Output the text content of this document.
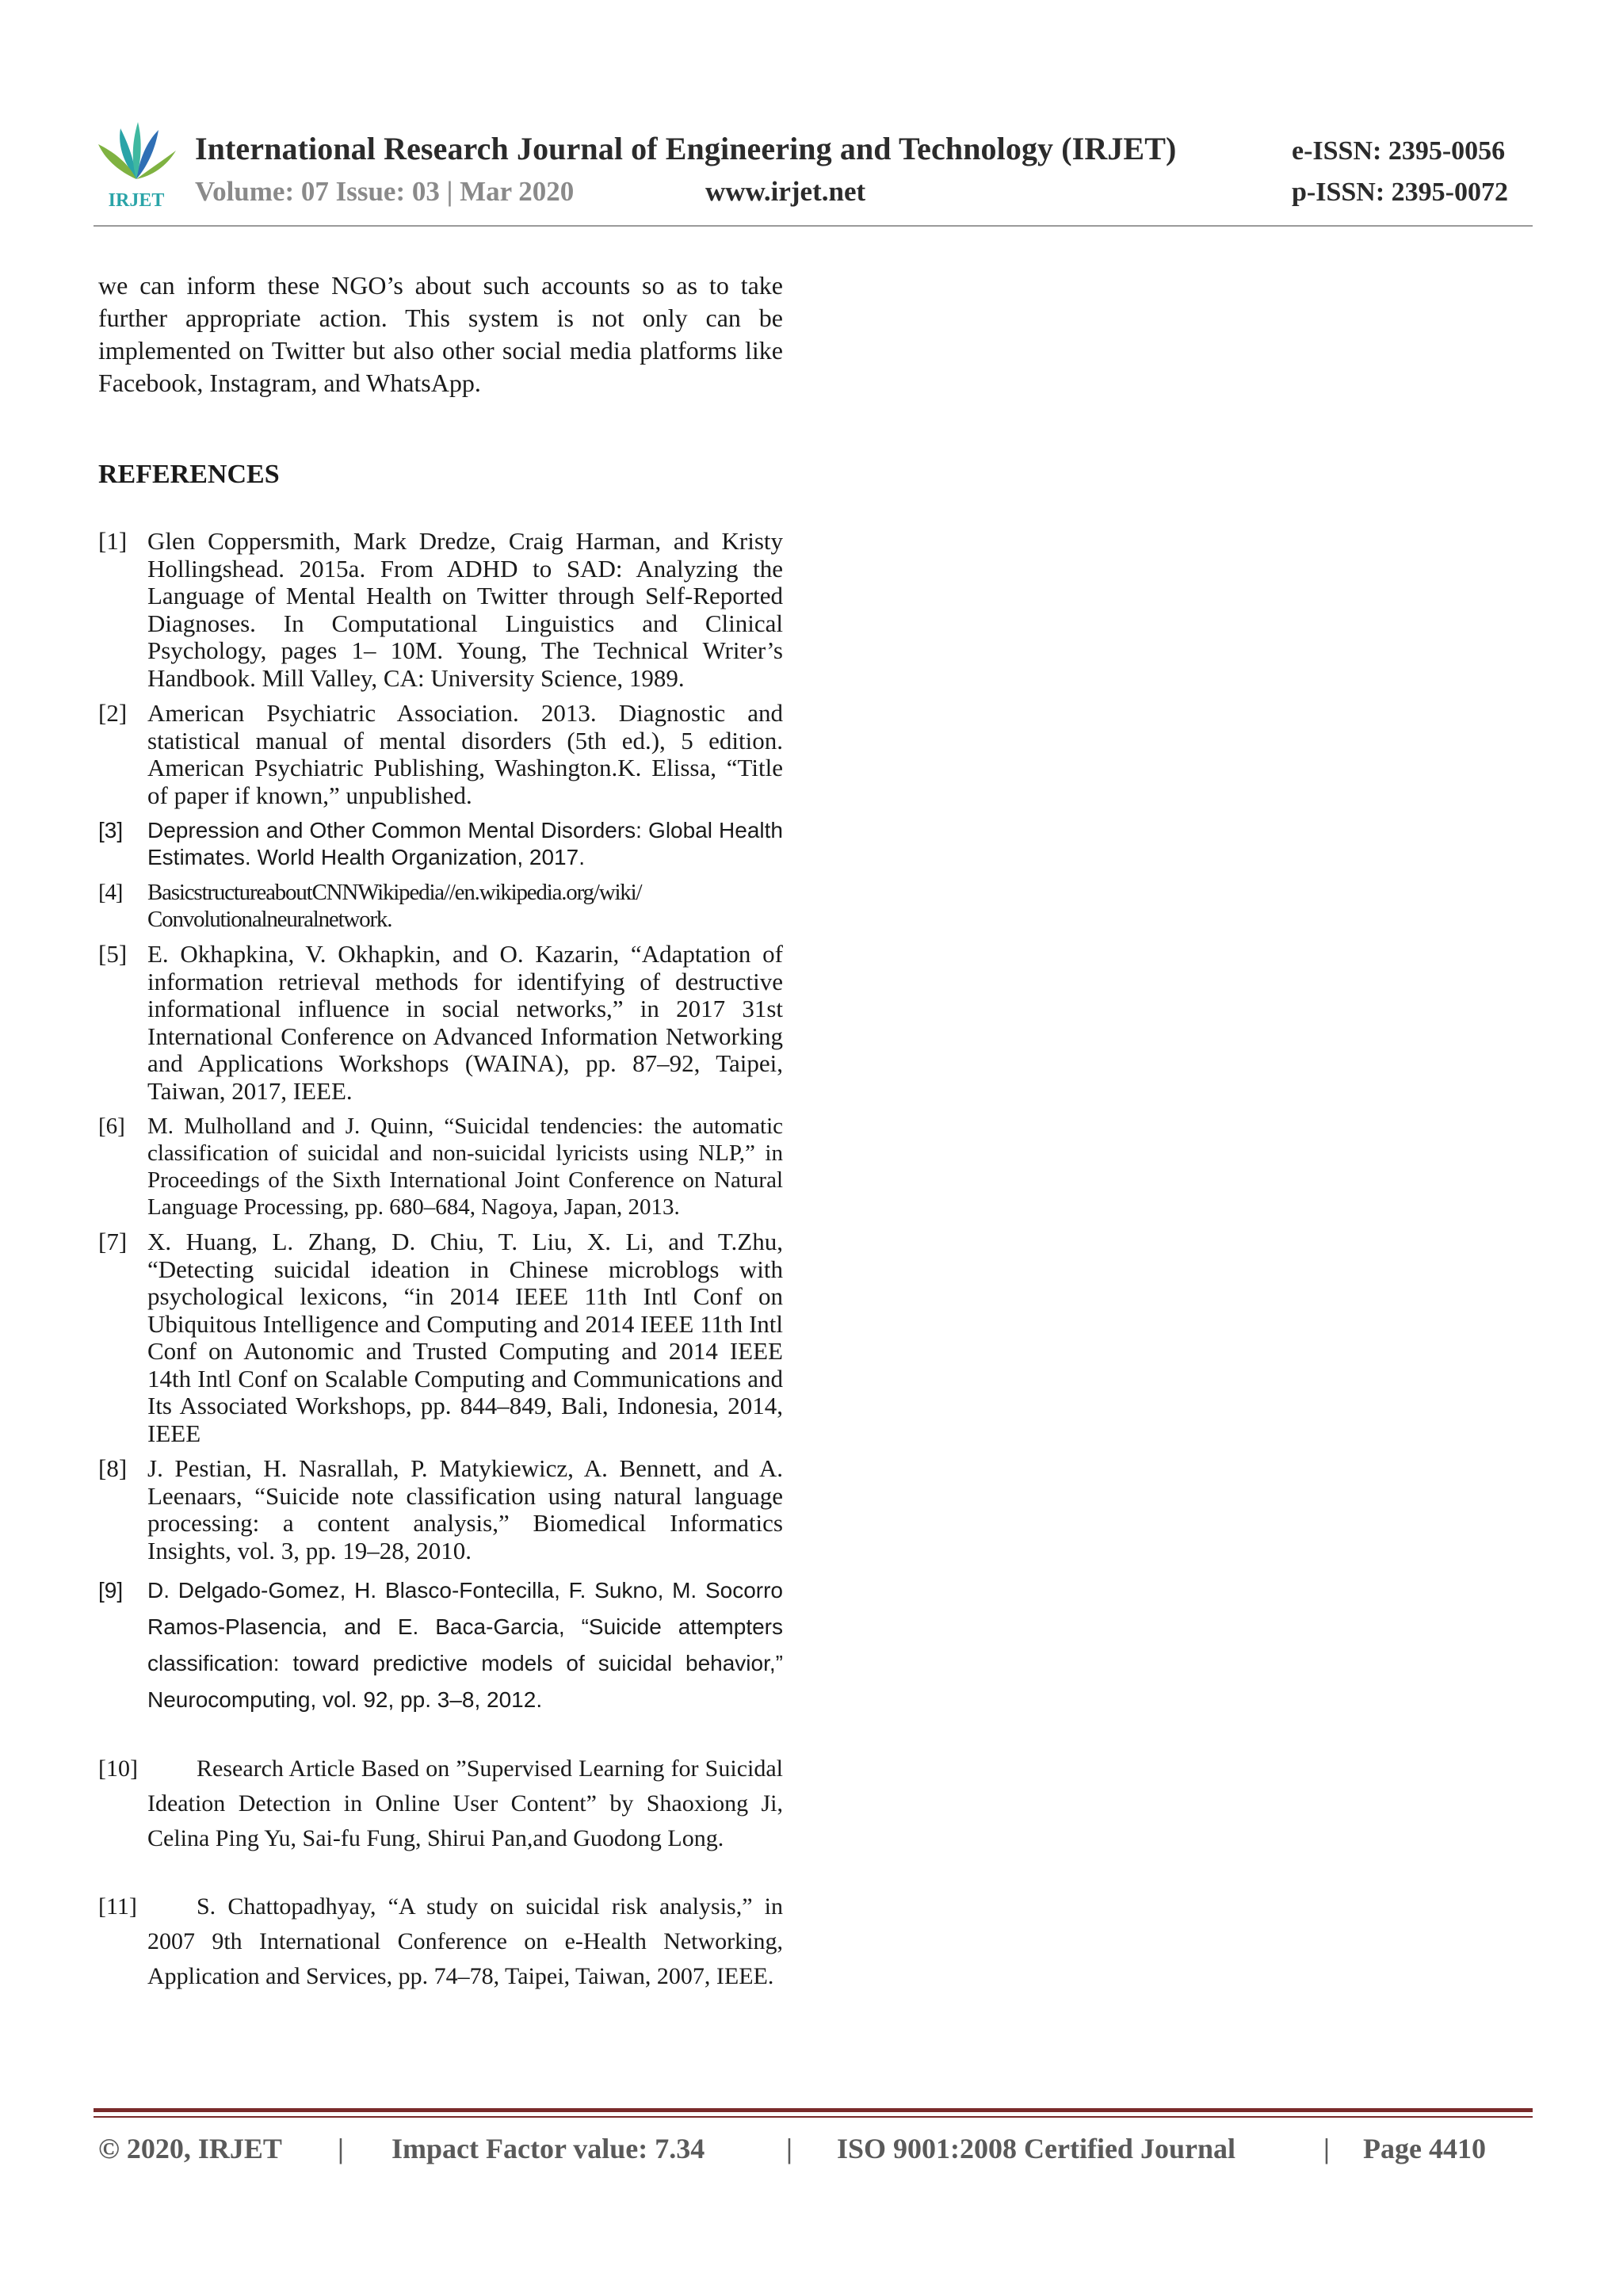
IRJET
International Research Journal of Engineering and Technology (IRJET)
Volume: 07 Issue: 03 | Mar 2020	www.irjet.net
e-ISSN: 2395-0056
p-ISSN: 2395-0072

we can inform these NGO’s about such accounts so as to take further appropriate action. This system is not only can be implemented on Twitter but also other social media platforms like Facebook, Instagram, and WhatsApp.

REFERENCES
[1] Glen Coppersmith, Mark Dredze, Craig Harman, and Kristy Hollingshead. 2015a. From ADHD to SAD: Analyzing the Language of Mental Health on Twitter through Self-Reported Diagnoses. In Computational Linguistics and Clinical Psychology, pages 1– 10M. Young, The Technical Writer’s Handbook. Mill Valley, CA: University Science, 1989.
[2] American Psychiatric Association. 2013. Diagnostic and statistical manual of mental disorders (5th ed.), 5 edition. American Psychiatric Publishing, Washington.K. Elissa, “Title of paper if known,” unpublished.
[3] Depression and Other Common Mental Disorders: Global Health Estimates. World Health Organization, 2017.
[4] BasicstructureaboutCNNWikipedia//en.wikipedia.org/wiki/ Convolutionalneuralnetwork.
[5] E. Okhapkina, V. Okhapkin, and O. Kazarin, “Adaptation of information retrieval methods for identifying of destructive informational influence in social networks,” in 2017 31st International Conference on Advanced Information Networking and Applications Workshops (WAINA), pp. 87–92, Taipei, Taiwan, 2017, IEEE.
[6] M. Mulholland and J. Quinn, “Suicidal tendencies: the automatic classification of suicidal and non-suicidal lyricists using NLP,” in Proceedings of the Sixth International Joint Conference on Natural Language Processing, pp. 680–684, Nagoya, Japan, 2013.
[7] X. Huang, L. Zhang, D. Chiu, T. Liu, X. Li, and T.Zhu, “Detecting suicidal ideation in Chinese microblogs with psychological lexicons, “in 2014 IEEE 11th Intl Conf on Ubiquitous Intelligence and Computing and 2014 IEEE 11th Intl Conf on Autonomic and Trusted Computing and 2014 IEEE 14th Intl Conf on Scalable Computing and Communications and Its Associated Workshops, pp. 844–849, Bali, Indonesia, 2014, IEEE
[8] J. Pestian, H. Nasrallah, P. Matykiewicz, A. Bennett, and A. Leenaars, “Suicide note classification using natural language processing: a content analysis,” Biomedical Informatics Insights, vol. 3, pp. 19–28, 2010.
[9] D. Delgado-Gomez, H. Blasco-Fontecilla, F. Sukno, M. Socorro Ramos-Plasencia, and E. Baca-Garcia, “Suicide attempters classification: toward predictive models of suicidal behavior,” Neurocomputing, vol. 92, pp. 3–8, 2012.
[10] Research Article Based on ”Supervised Learning for Suicidal Ideation Detection in Online User Content” by Shaoxiong Ji, Celina Ping Yu, Sai-fu Fung, Shirui Pan,and Guodong Long.
[11]	S. Chattopadhyay, “A study on suicidal risk analysis,” in 2007 9th International Conference on e-Health Networking, Application and Services, pp. 74–78, Taipei, Taiwan, 2007, IEEE.
© 2020, IRJET | Impact Factor value: 7.34	| ISO 9001:2008 Certified Journal	| Page 4410
